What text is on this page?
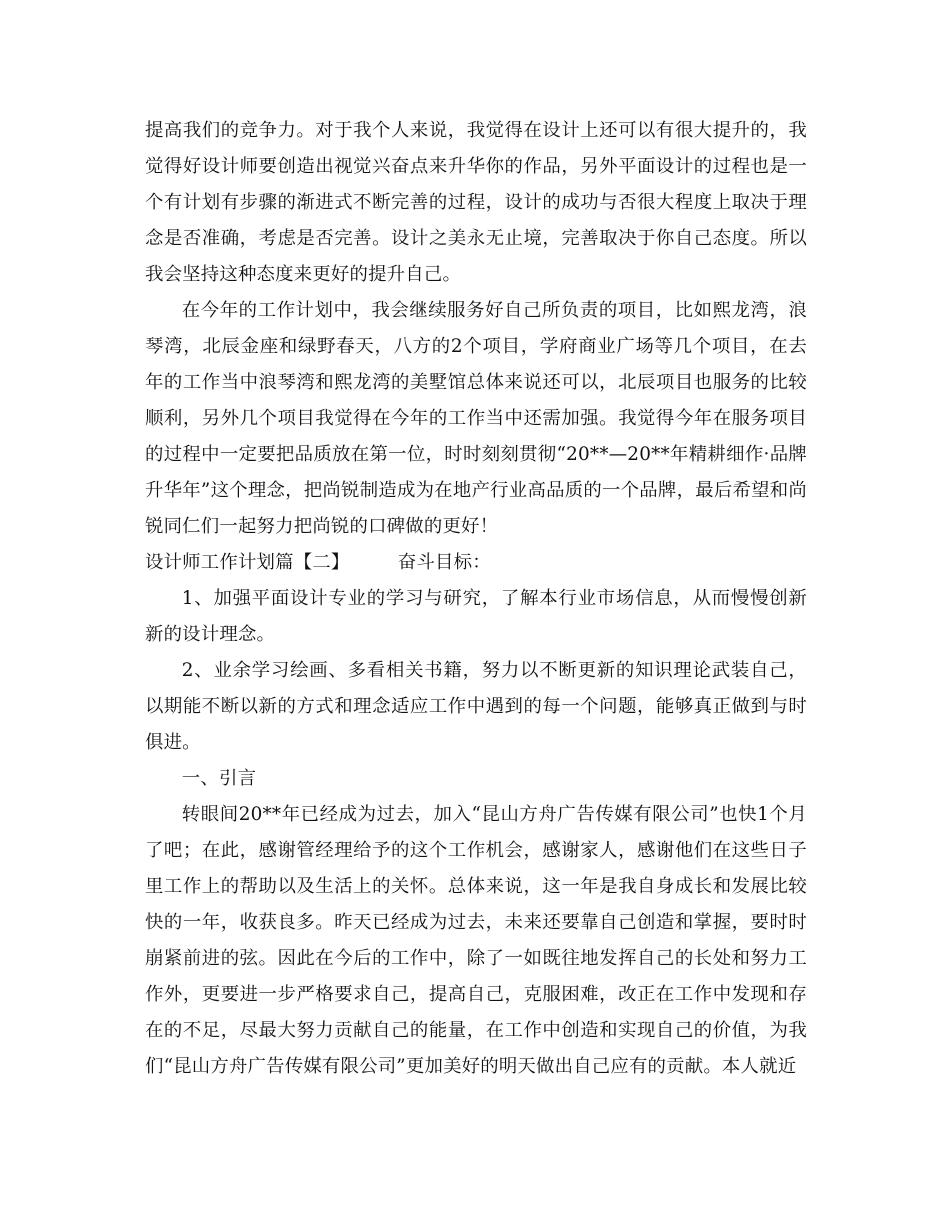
提高我们的竞争力。对于我个人来说，我觉得在设计上还可以有很大提升的，我觉得好设计师要创造出视觉兴奋点来升华你的作品，另外平面设计的过程也是一个有计划有步骤的渐进式不断完善的过程，设计的成功与否很大程度上取决于理念是否准确，考虑是否完善。设计之美永无止境，完善取决于你自己态度。所以我会坚持这种态度来更好的提升自己。

在今年的工作计划中，我会继续服务好自己所负责的项目，比如熙龙湾，浪琴湾，北辰金座和绿野春天，八方的2个项目，学府商业广场等几个项目，在去年的工作当中浪琴湾和熙龙湾的美墅馆总体来说还可以，北辰项目也服务的比较顺利，另外几个项目我觉得在今年的工作当中还需加强。我觉得今年在服务项目的过程中一定要把品质放在第一位，时时刻刻贯彻“20**—20**年精耕细作·品牌升华年”这个理念，把尚锐制造成为在地产行业高品质的一个品牌，最后希望和尚锐同仁们一起努力把尚锐的口碑做的更好！

设计师工作计划篇【二】        奋斗目标：

1、加强平面设计专业的学习与研究，了解本行业市场信息，从而慢慢创新新的设计理念。

2、业余学习绘画、多看相关书籍，努力以不断更新的知识理论武装自己，以期能不断以新的方式和理念适应工作中遇到的每一个问题，能够真正做到与时俱进。

一、引言

转眼间20**年已经成为过去，加入“昆山方舟广告传媒有限公司”也快1个月了吧；在此，感谢管经理给予的这个工作机会，感谢家人，感谢他们在这些日子里工作上的帮助以及生活上的关怀。总体来说，这一年是我自身成长和发展比较快的一年，收获良多。昨天已经成为过去，未来还要靠自己创造和掌握，要时时崩紧前进的弦。因此在今后的工作中，除了一如既往地发挥自己的长处和努力工作外，更要进一步严格要求自己，提高自己，克服困难，改正在工作中发现和存在的不足，尽最大努力贡献自己的能量，在工作中创造和实现自己的价值，为我们“昆山方舟广告传媒有限公司”更加美好的明天做出自己应有的贡献。本人就近
